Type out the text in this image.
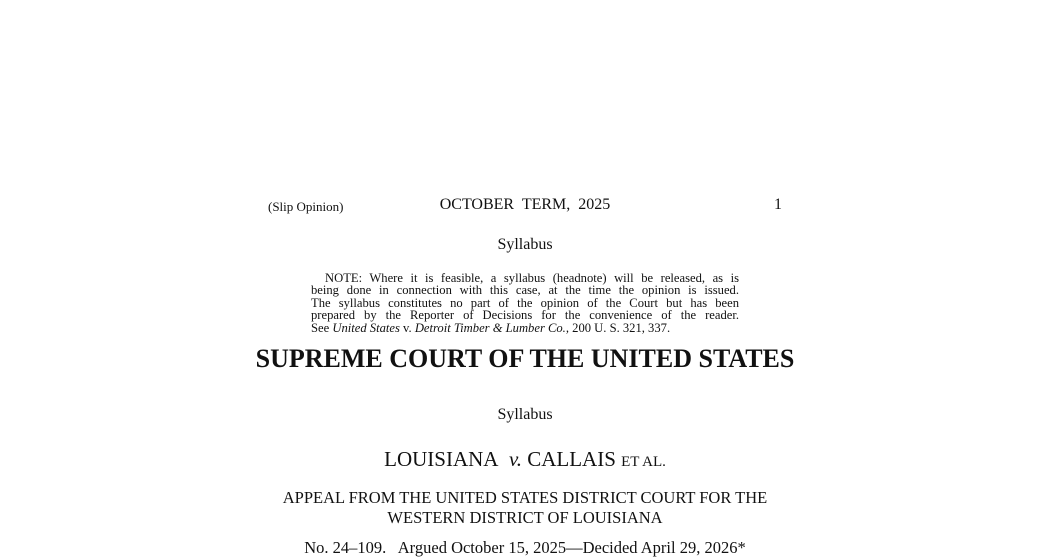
(Slip Opinion)	OCTOBER  TERM,  2025	1
Syllabus
NOTE: Where it is feasible, a syllabus (headnote) will be released, as is
being done in connection with this case, at the time the opinion is issued.
The syllabus constitutes no part of the opinion of the Court but has been
prepared by the Reporter of Decisions for the convenience of the reader.
See United States v. Detroit Timber & Lumber Co., 200 U. S. 321, 337.
SUPREME COURT OF THE UNITED STATES
Syllabus
LOUISIANA v. CALLAIS ET AL.
APPEAL FROM THE UNITED STATES DISTRICT COURT FOR THE
WESTERN DISTRICT OF LOUISIANA
No. 24–109.   Argued October 15, 2025—Decided April 29, 2026*
